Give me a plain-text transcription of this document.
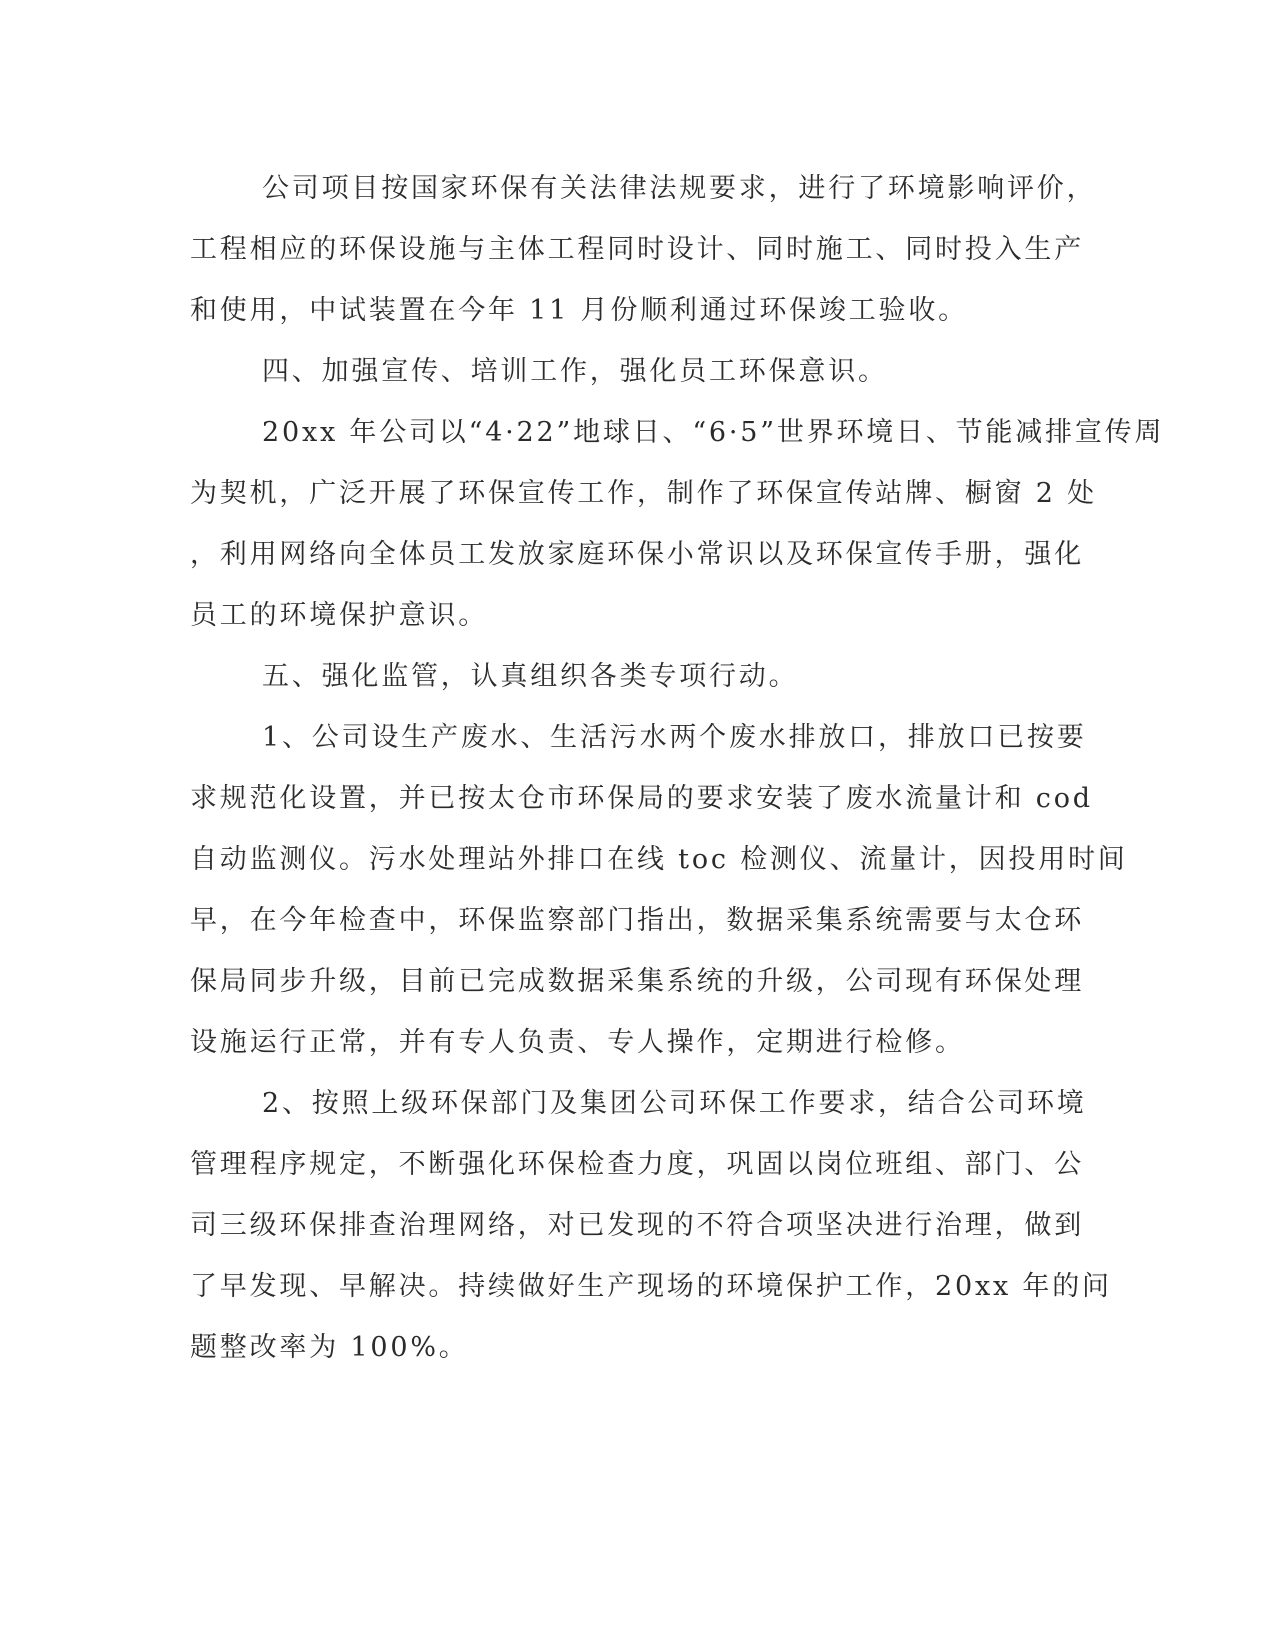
公司项目按国家环保有关法律法规要求，进行了环境影响评价，
工程相应的环保设施与主体工程同时设计、同时施工、同时投入生产
和使用，中试装置在今年 11 月份顺利通过环保竣工验收。
四、加强宣传、培训工作，强化员工环保意识。
20xx 年公司以“4·22”地球日、“6·5”世界环境日、节能减排宣传周
为契机，广泛开展了环保宣传工作，制作了环保宣传站牌、橱窗 2 处
，利用网络向全体员工发放家庭环保小常识以及环保宣传手册，强化
员工的环境保护意识。
五、强化监管，认真组织各类专项行动。
1、公司设生产废水、生活污水两个废水排放口，排放口已按要
求规范化设置，并已按太仓市环保局的要求安装了废水流量计和 cod
自动监测仪。污水处理站外排口在线 toc 检测仪、流量计，因投用时间
早，在今年检查中，环保监察部门指出，数据采集系统需要与太仓环
保局同步升级，目前已完成数据采集系统的升级，公司现有环保处理
设施运行正常，并有专人负责、专人操作，定期进行检修。
2、按照上级环保部门及集团公司环保工作要求，结合公司环境
管理程序规定，不断强化环保检查力度，巩固以岗位班组、部门、公
司三级环保排查治理网络，对已发现的不符合项坚决进行治理，做到
了早发现、早解决。持续做好生产现场的环境保护工作，20xx 年的问
题整改率为 100%。
